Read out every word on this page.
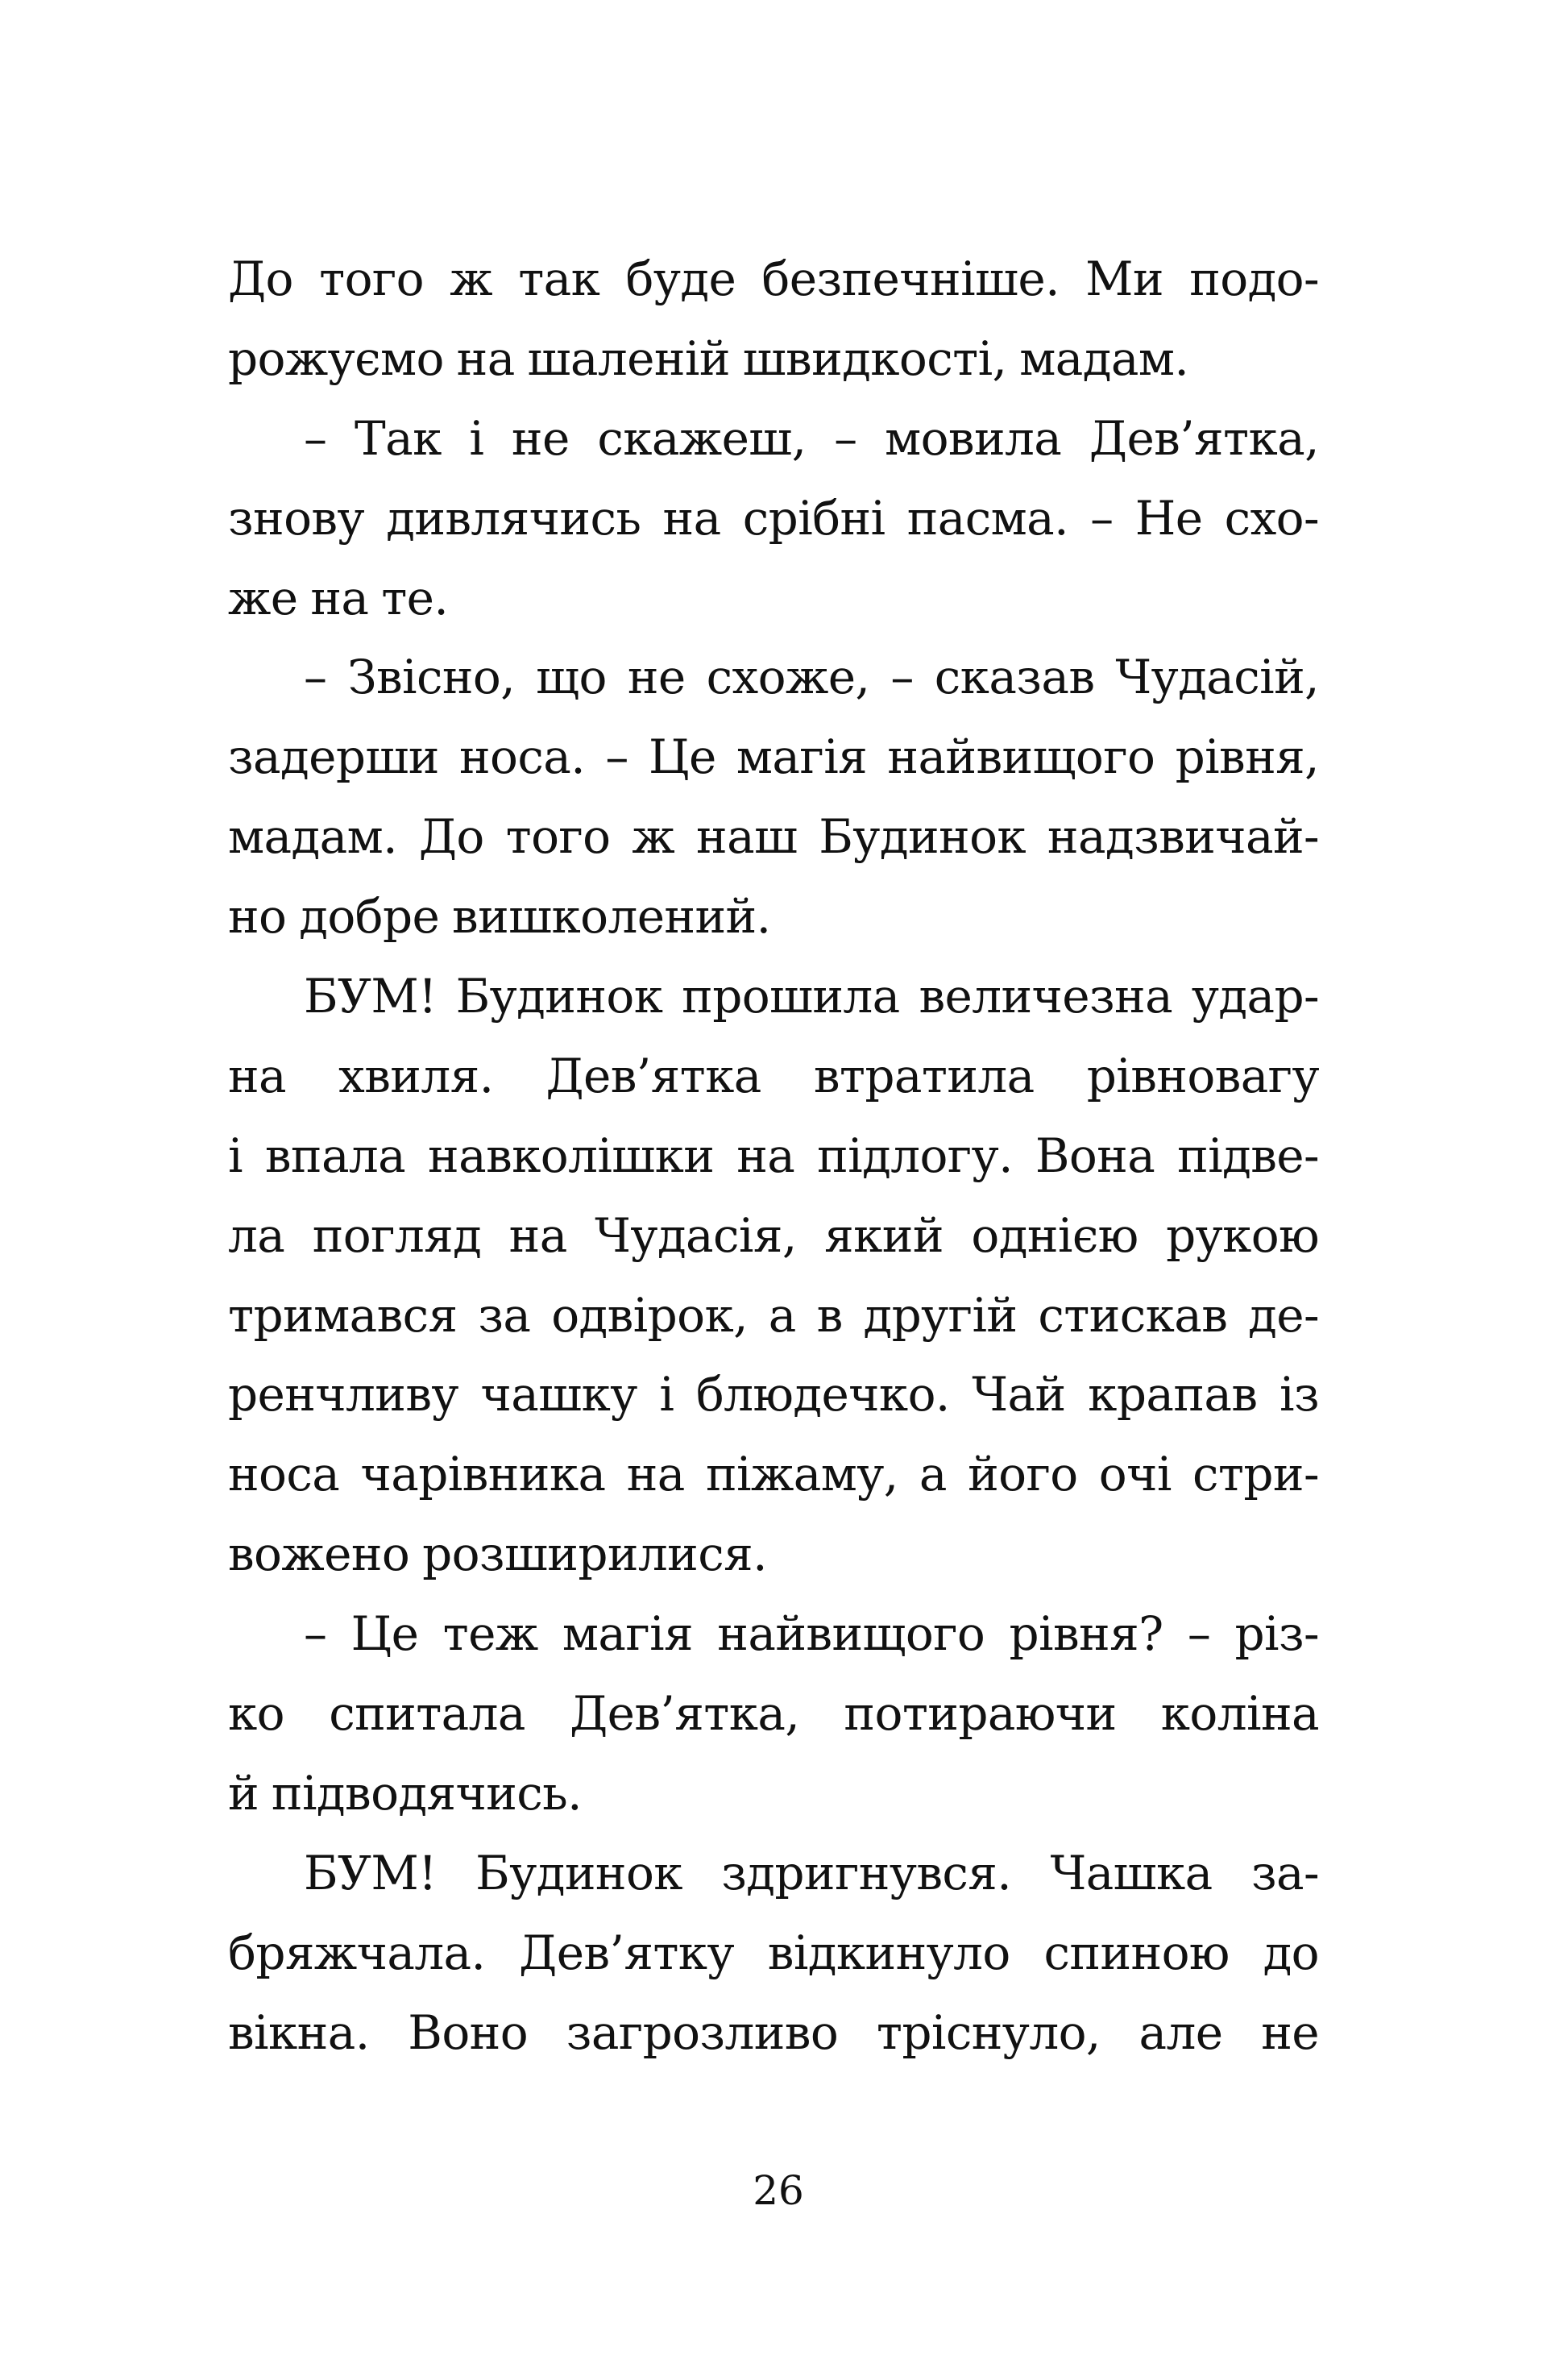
До того ж так буде безпечніше. Ми подо-
рожуємо на шаленій швидкості, мадам.
– Так і не скажеш, – мовила Дев’ятка,
знову дивлячись на срібні пасма. – Не схо-
же на те.
– Звісно, що не схоже, – сказав Чудасій,
задерши носа. – Це магія найвищого рівня,
мадам. До того ж наш Будинок надзвичай-
но добре вишколений.
БУМ! Будинок прошила величезна удар-
на хвиля. Дев’ятка втратила рівновагу
і впала навколішки на підлогу. Вона підве-
ла погляд на Чудасія, який однією рукою
тримався за одвірок, а в другій стискав де-
ренчливу чашку і блюдечко. Чай крапав із
носа чарівника на піжаму, а його очі стри-
вожено розширилися.
– Це теж магія найвищого рівня? – різ-
ко спитала Дев’ятка, потираючи коліна
й підводячись.
БУМ! Будинок здригнувся. Чашка за-
бряжчала. Дев’ятку відкинуло спиною до
вікна. Воно загрозливо тріснуло, але не
26
